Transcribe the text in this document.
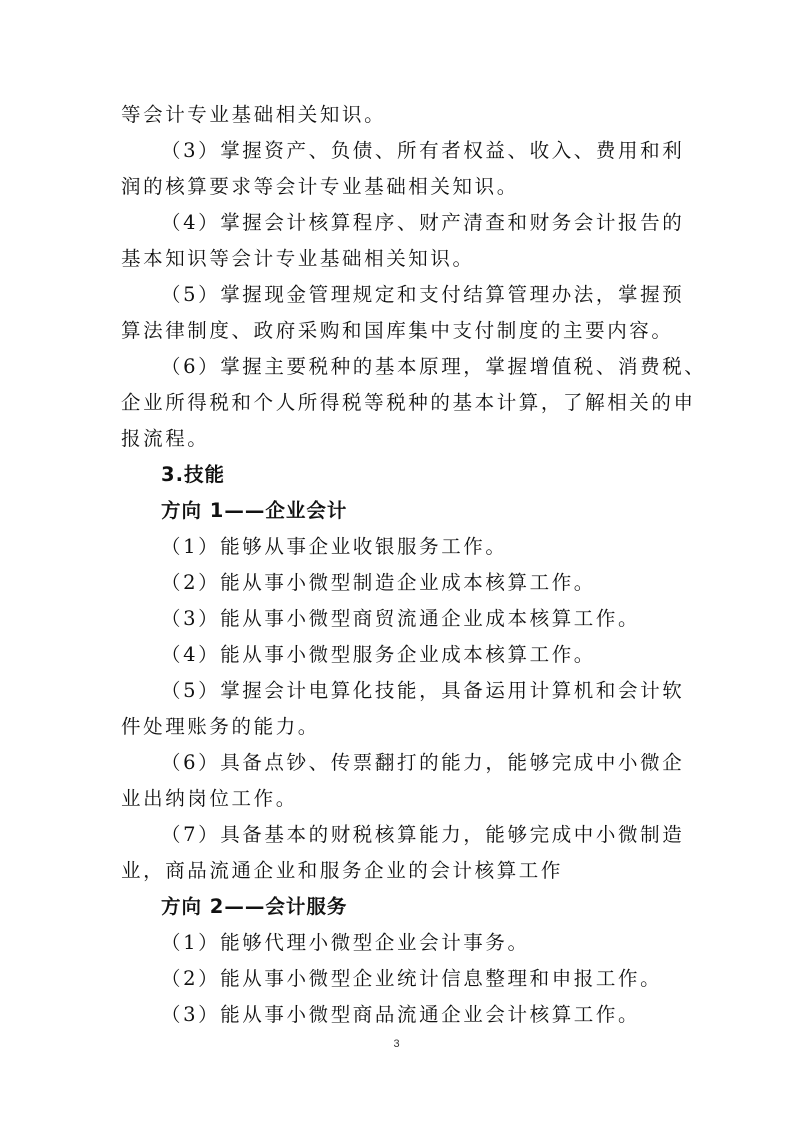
等会计专业基础相关知识。

（3）掌握资产、负债、所有者权益、收入、费用和利

润的核算要求等会计专业基础相关知识。

（4）掌握会计核算程序、财产清查和财务会计报告的

基本知识等会计专业基础相关知识。

（5）掌握现金管理规定和支付结算管理办法，掌握预

算法律制度、政府采购和国库集中支付制度的主要内容。

（6）掌握主要税种的基本原理，掌握增值税、消费税、

企业所得税和个人所得税等税种的基本计算，了解相关的申

报流程。

3.技能

方向 1——企业会计

（1）能够从事企业收银服务工作。

（2）能从事小微型制造企业成本核算工作。

（3）能从事小微型商贸流通企业成本核算工作。

（4）能从事小微型服务企业成本核算工作。

（5）掌握会计电算化技能，具备运用计算机和会计软

件处理账务的能力。

（6）具备点钞、传票翻打的能力，能够完成中小微企

业出纳岗位工作。

（7）具备基本的财税核算能力，能够完成中小微制造

业，商品流通企业和服务企业的会计核算工作

方向 2——会计服务

（1）能够代理小微型企业会计事务。

（2）能从事小微型企业统计信息整理和申报工作。

（3）能从事小微型商品流通企业会计核算工作。

3
